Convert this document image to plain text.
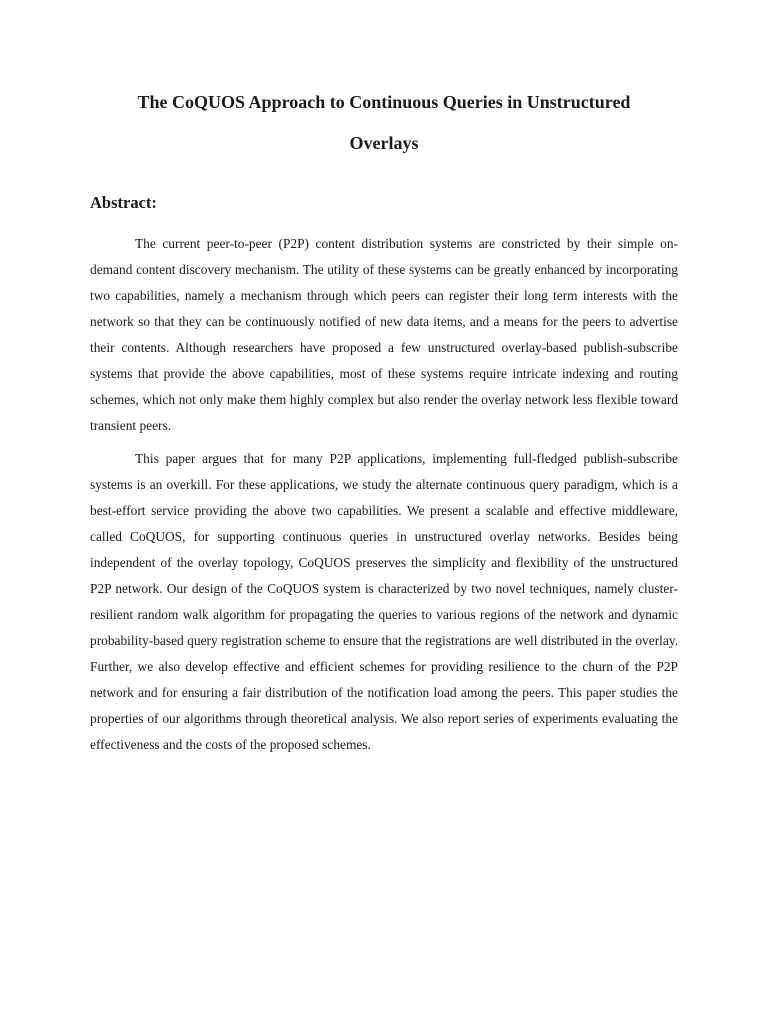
The CoQUOS Approach to Continuous Queries in Unstructured Overlays
Abstract:

The current peer-to-peer (P2P) content distribution systems are constricted by their simple on-demand content discovery mechanism. The utility of these systems can be greatly enhanced by incorporating two capabilities, namely a mechanism through which peers can register their long term interests with the network so that they can be continuously notified of new data items, and a means for the peers to advertise their contents. Although researchers have proposed a few unstructured overlay-based publish-subscribe systems that provide the above capabilities, most of these systems require intricate indexing and routing schemes, which not only make them highly complex but also render the overlay network less flexible toward transient peers.

This paper argues that for many P2P applications, implementing full-fledged publish-subscribe systems is an overkill. For these applications, we study the alternate continuous query paradigm, which is a best-effort service providing the above two capabilities. We present a scalable and effective middleware, called CoQUOS, for supporting continuous queries in unstructured overlay networks. Besides being independent of the overlay topology, CoQUOS preserves the simplicity and flexibility of the unstructured P2P network. Our design of the CoQUOS system is characterized by two novel techniques, namely cluster-resilient random walk algorithm for propagating the queries to various regions of the network and dynamic probability-based query registration scheme to ensure that the registrations are well distributed in the overlay. Further, we also develop effective and efficient schemes for providing resilience to the churn of the P2P network and for ensuring a fair distribution of the notification load among the peers. This paper studies the properties of our algorithms through theoretical analysis. We also report series of experiments evaluating the effectiveness and the costs of the proposed schemes.
